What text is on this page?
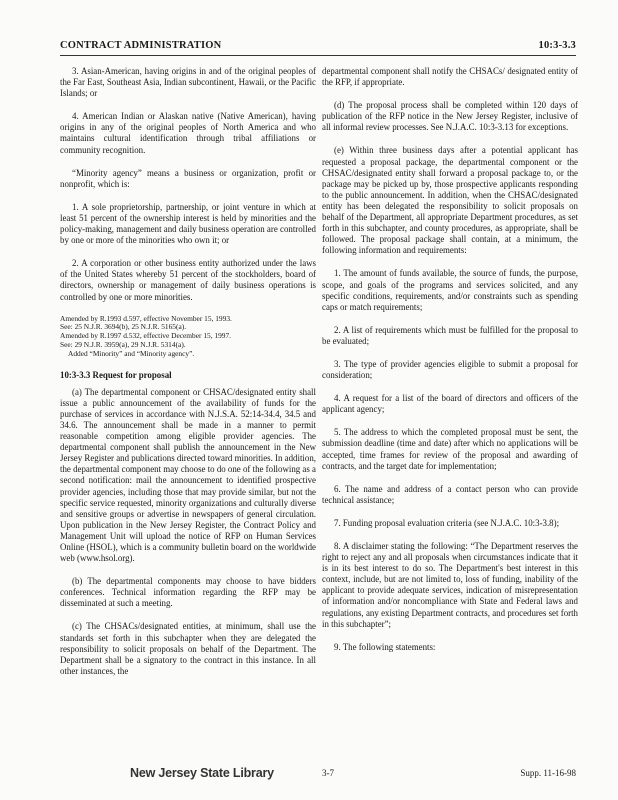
CONTRACT ADMINISTRATION	10:3-3.3

3. Asian-American, having origins in and of the original peoples of the Far East, Southeast Asia, Indian subcontinent, Hawaii, or the Pacific Islands; or

4. American Indian or Alaskan native (Native American), having origins in any of the original peoples of North America and who maintains cultural identification through tribal affiliations or community recognition.

“Minority agency” means a business or organization, profit or nonprofit, which is:

1. A sole proprietorship, partnership, or joint venture in which at least 51 percent of the ownership interest is held by minorities and the policy-making, management and daily business operation are controlled by one or more of the minorities who own it; or

2. A corporation or other business entity authorized under the laws of the United States whereby 51 percent of the stockholders, board of directors, ownership or management of daily business operations is controlled by one or more minorities.

Amended by R.1993 d.597, effective November 15, 1993.

See: 25 N.J.R. 3694(b), 25 N.J.R. 5165(a).

Amended by R.1997 d.532, effective December 15, 1997.

See: 29 N.J.R. 3959(a), 29 N.J.R. 5314(a).

Added “Minority” and “Minority agency”.

10:3-3.3 Request for proposal

(a) The departmental component or CHSAC/designated entity shall issue a public announcement of the availability of funds for the purchase of services in accordance with N.J.S.A. 52:14-34.4, 34.5 and 34.6. The announcement shall be made in a manner to permit reasonable competition among eligible provider agencies. The departmental component shall publish the announcement in the New Jersey Register and publications directed toward minorities. In addition, the departmental component may choose to do one of the following as a second notification: mail the announcement to identified prospective provider agencies, including those that may provide similar, but not the specific service requested, minority organizations and culturally diverse and sensitive groups or advertise in newspapers of general circulation. Upon publication in the New Jersey Register, the Contract Policy and Management Unit will upload the notice of RFP on Human Services Online (HSOL), which is a community bulletin board on the worldwide web (www.hsol.org).

(b) The departmental components may choose to have bidders conferences. Technical information regarding the RFP may be disseminated at such a meeting.

(c) The CHSACs/designated entities, at minimum, shall use the standards set forth in this subchapter when they are delegated the responsibility to solicit proposals on behalf of the Department. The Department shall be a signatory to the contract in this instance. In all other instances, the

departmental component shall notify the CHSACs/ designated entity of the RFP, if appropriate.

(d) The proposal process shall be completed within 120 days of publication of the RFP notice in the New Jersey Register, inclusive of all informal review processes. See N.J.A.C. 10:3-3.13 for exceptions.

(e) Within three business days after a potential applicant has requested a proposal package, the departmental component or the CHSAC/designated entity shall forward a proposal package to, or the package may be picked up by, those prospective applicants responding to the public announcement. In addition, when the CHSAC/designated entity has been delegated the responsibility to solicit proposals on behalf of the Department, all appropriate Department procedures, as set forth in this subchapter, and county procedures, as appropriate, shall be followed. The proposal package shall contain, at a minimum, the following information and requirements:

1. The amount of funds available, the source of funds, the purpose, scope, and goals of the programs and services solicited, and any specific conditions, requirements, and/or constraints such as spending caps or match requirements;

2. A list of requirements which must be fulfilled for the proposal to be evaluated;

3. The type of provider agencies eligible to submit a proposal for consideration;

4. A request for a list of the board of directors and officers of the applicant agency;

5. The address to which the completed proposal must be sent, the submission deadline (time and date) after which no applications will be accepted, time frames for review of the proposal and awarding of contracts, and the target date for implementation;

6. The name and address of a contact person who can provide technical assistance;

7. Funding proposal evaluation criteria (see N.J.A.C. 10:3-3.8);

8. A disclaimer stating the following: “The Department reserves the right to reject any and all proposals when circumstances indicate that it is in its best interest to do so. The Department's best interest in this context, include, but are not limited to, loss of funding, inability of the applicant to provide adequate services, indication of misrepresentation of information and/or noncompliance with State and Federal laws and regulations, any existing Department contracts, and procedures set forth in this subchapter”;

9. The following statements:

New Jersey State Library	3-7	Supp. 11-16-98
